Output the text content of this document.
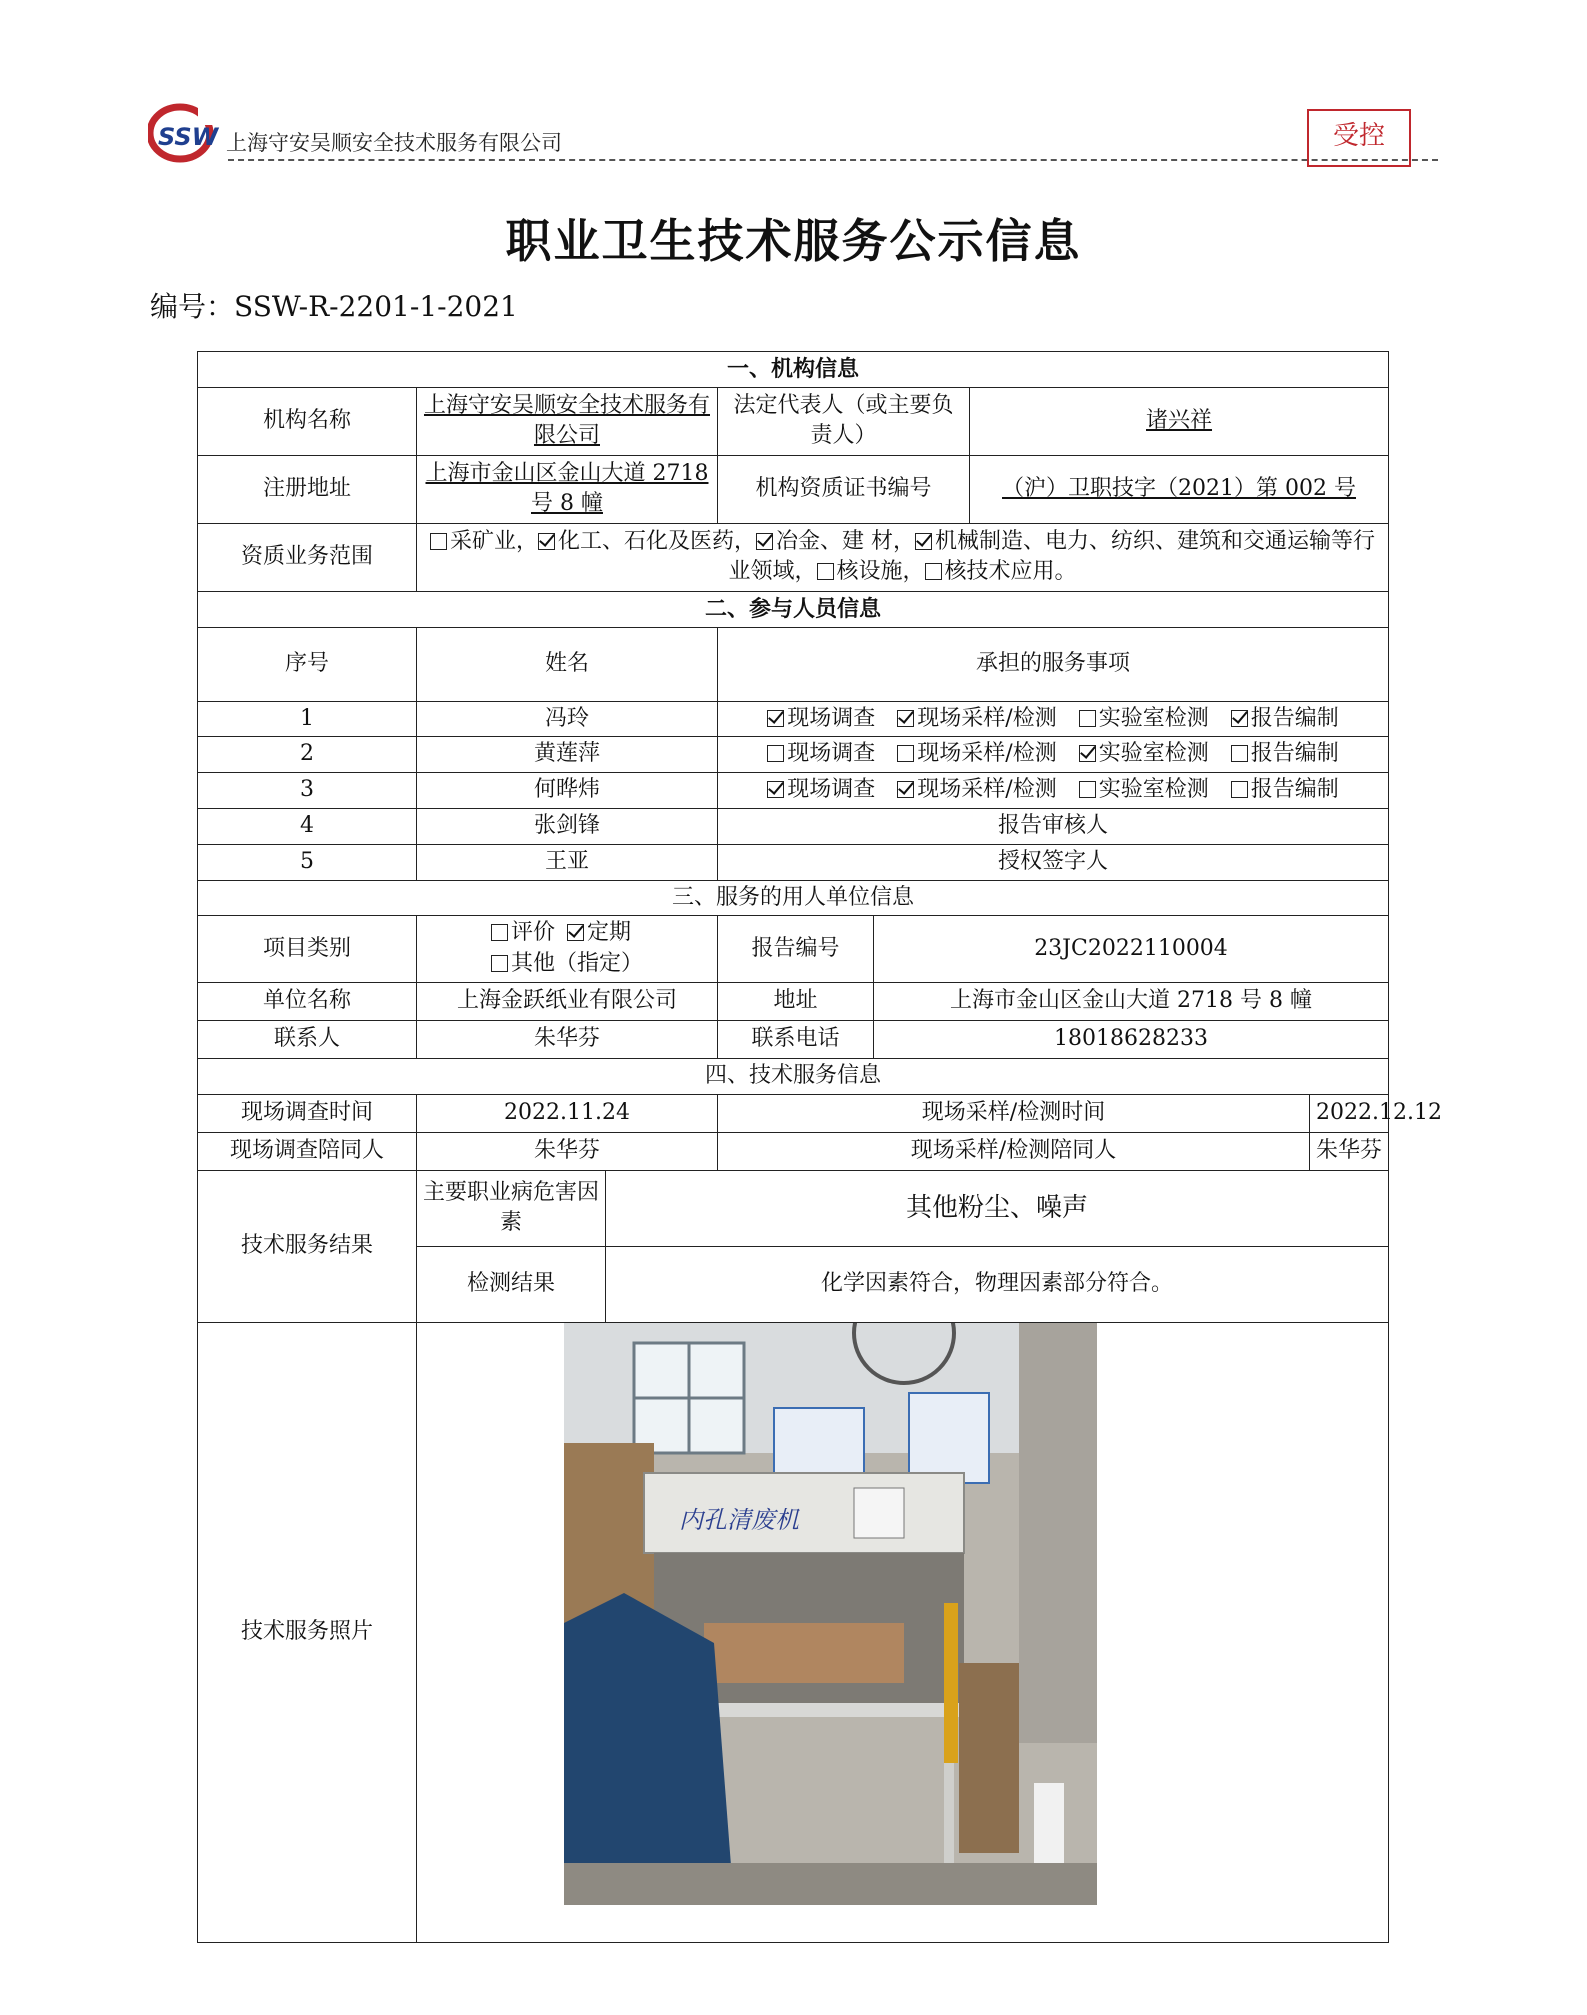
SSW 上海守安吴顺安全技术服务有限公司	受控
职业卫生技术服务公示信息
编号：SSW-R-2201-1-2021
一、机构信息						
机构名称	上海守安吴顺安全技术服务有限公司		法定代表人（或主要负责人）		诸兴祥	
注册地址	上海市金山区金山大道 2718 号 8 幢		机构资质证书编号		（沪）卫职技字（2021）第 002 号	
资质业务范围	采矿业， 化工、石化及医药， 冶金、建 材， 机械制造、电力、纺织、建筑和交通运输等行业领域， 核设施， 核技术应用。					
二、参与人员信息						
序号	姓名		承担的服务事项			
1	冯玲		现场调查 现场采样/检测 实验室检测 报告编制			
2	黄莲萍		现场调查 现场采样/检测 实验室检测 报告编制			
3	何晔炜		现场调查 现场采样/检测 实验室检测 报告编制			
4	张剑锋		报告审核人			
5	王亚		授权签字人			
三、服务的用人单位信息						
项目类别	评价 定期其他（指定）		报告编号	23JC2022110004		
单位名称	上海金跃纸业有限公司		地址	上海市金山区金山大道 2718 号 8 幢		
联系人	朱华芬		联系电话	18018628233		
四、技术服务信息						
现场调查时间	2022.11.24		现场采样/检测时间			2022.12.12
现场调查陪同人	朱华芬		现场采样/检测陪同人			朱华芬
技术服务结果	主要职业病危害因素	其他粉尘、噪声				
	检测结果	化学因素符合，物理因素部分符合。				
技术服务照片	内孔清废机					
